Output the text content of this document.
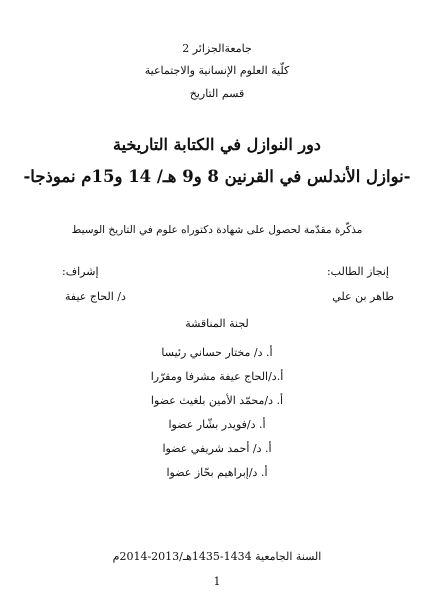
جامعةالجزائر 2
كلّية العلوم الإنسانية والاجتماعية
قسم التاريخ
دور النوازل في الكتابة التاريخية
-نوازل الأندلس في القرنين 8 و9 هـ/ 14 و15م نموذجا-
مذكّرة مقدّمة لحصول على شهادة دكتوراه علوم في التاريخ الوسيط
إنجاز الطالب:
طاهر بن علي
إشراف:
د/ الحاج عيفة
لجنة المناقشة
أ. د/ مختار حساني رئيسا
أ.د/الحاج عيفة مشرفا ومقرّرا
أ. د/محمّد الأمين بلغيث عضوا
أ. د/فويدر بشّار عضوا
أ. د/ أحمد شريفي عضوا
أ. د/إبراهيم بحّاز عضوا
السنة الجامعية 1434-1435هـ/2013-2014م
1
